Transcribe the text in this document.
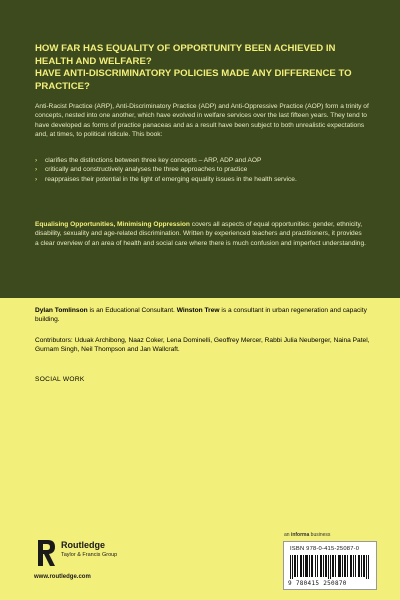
HOW FAR HAS EQUALITY OF OPPORTUNITY BEEN ACHIEVED IN
HEALTH AND WELFARE?
HAVE ANTI-DISCRIMINATORY POLICIES MADE ANY DIFFERENCE TO
PRACTICE?
Anti-Racist Practice (ARP), Anti-Discriminatory Practice (ADP) and Anti-Oppressive Practice (AOP) form a trinity of concepts, nested into one another, which have evolved in welfare services over the last fifteen years. They tend to have developed as forms of practice panaceas and as a result have been subject to both unrealistic expectations and, at times, to political ridicule. This book:
› clarifies the distinctions between three key concepts – ARP, ADP and AOP
› critically and constructively analyses the three approaches to practice
› reappraises their potential in the light of emerging equality issues in the health service.
Equalising Opportunities, Minimising Oppression covers all aspects of equal opportunities: gender, ethnicity, disability, sexuality and age-related discrimination. Written by experienced teachers and practitioners, it provides
a clear overview of an area of health and social care where there is much confusion and imperfect understanding.
Dylan Tomlinson is an Educational Consultant. Winston Trew is a consultant in urban regeneration and capacity building.
Contributors: Uduak Archibong, Naaz Coker, Lena Dominelli, Geoffrey Mercer, Rabbi Julia Neuberger, Naina Patel, Gurnam Singh, Neil Thompson and Jan Wallcraft.
SOCIAL WORK
an informa business
ISBN 978-0-415-25087-0
9 780415 250870
Routledge
Taylor & Francis Group
www.routledge.com
